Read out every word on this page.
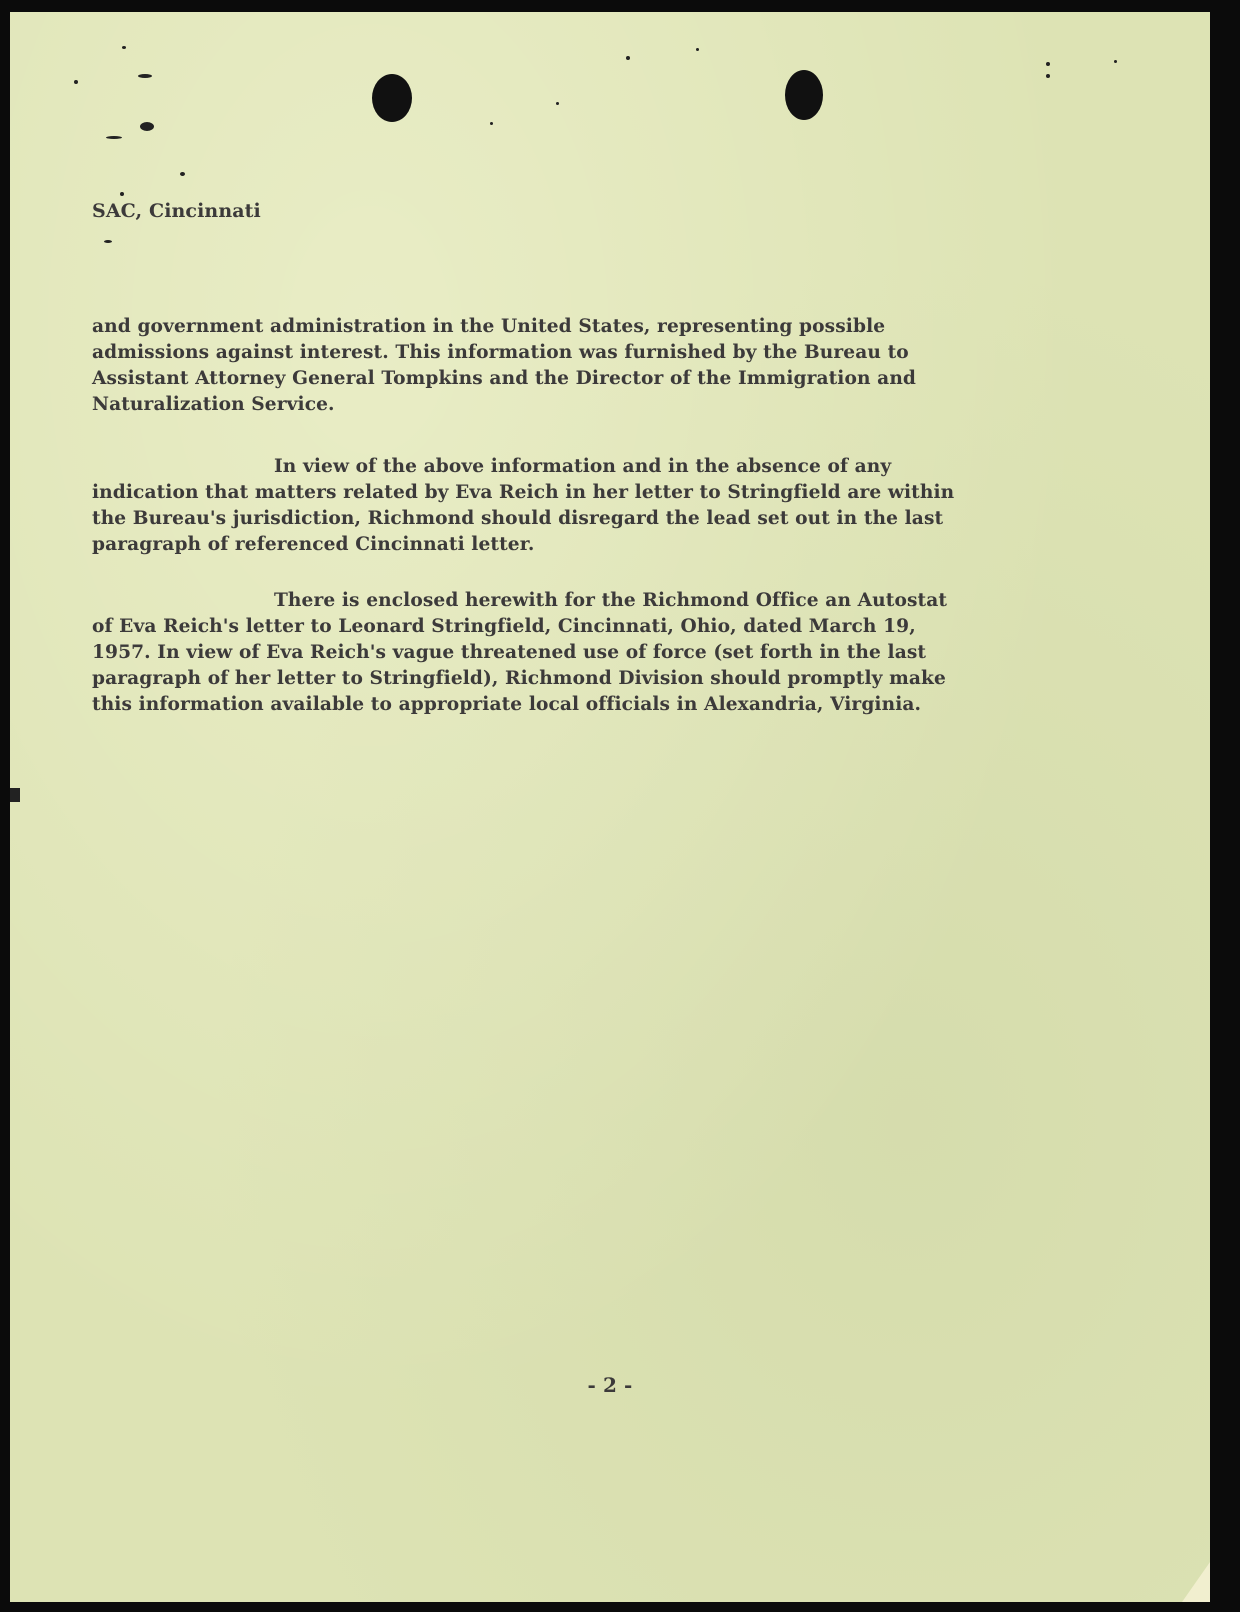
SAC, Cincinnati

and government administration in the United States, representing possible
admissions against interest. This information was furnished by the Bureau to
Assistant Attorney General Tompkins and the Director of the Immigration and
Naturalization Service.

In view of the above information and in the absence of any
indication that matters related by Eva Reich in her letter to Stringfield are within
the Bureau's jurisdiction, Richmond should disregard the lead set out in the last
paragraph of referenced Cincinnati letter.

There is enclosed herewith for the Richmond Office an Autostat
of Eva Reich's letter to Leonard Stringfield, Cincinnati, Ohio, dated March 19,
1957. In view of Eva Reich's vague threatened use of force (set forth in the last
paragraph of her letter to Stringfield), Richmond Division should promptly make
this information available to appropriate local officials in Alexandria, Virginia.

- 2 -
